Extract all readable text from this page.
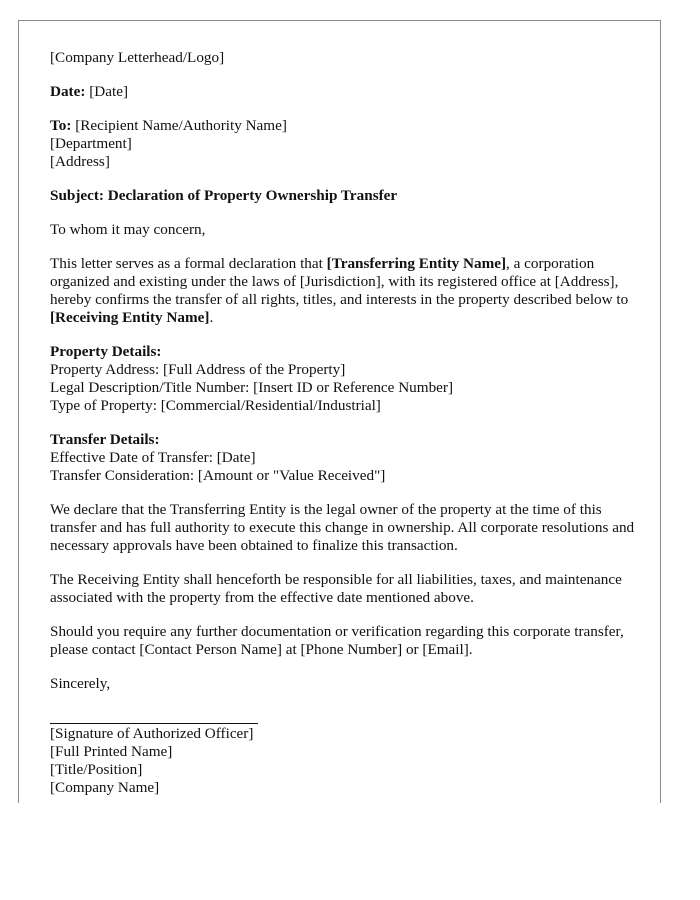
[Company Letterhead/Logo]
Date: [Date]
To: [Recipient Name/Authority Name]
[Department]
[Address]
Subject: Declaration of Property Ownership Transfer
To whom it may concern,
This letter serves as a formal declaration that [Transferring Entity Name], a corporation organized and existing under the laws of [Jurisdiction], with its registered office at [Address], hereby confirms the transfer of all rights, titles, and interests in the property described below to [Receiving Entity Name].
Property Details:
Property Address: [Full Address of the Property]
Legal Description/Title Number: [Insert ID or Reference Number]
Type of Property: [Commercial/Residential/Industrial]
Transfer Details:
Effective Date of Transfer: [Date]
Transfer Consideration: [Amount or "Value Received"]
We declare that the Transferring Entity is the legal owner of the property at the time of this transfer and has full authority to execute this change in ownership. All corporate resolutions and necessary approvals have been obtained to finalize this transaction.
The Receiving Entity shall henceforth be responsible for all liabilities, taxes, and maintenance associated with the property from the effective date mentioned above.
Should you require any further documentation or verification regarding this corporate transfer, please contact [Contact Person Name] at [Phone Number] or [Email].
Sincerely,
[Signature of Authorized Officer]
[Full Printed Name]
[Title/Position]
[Company Name]
